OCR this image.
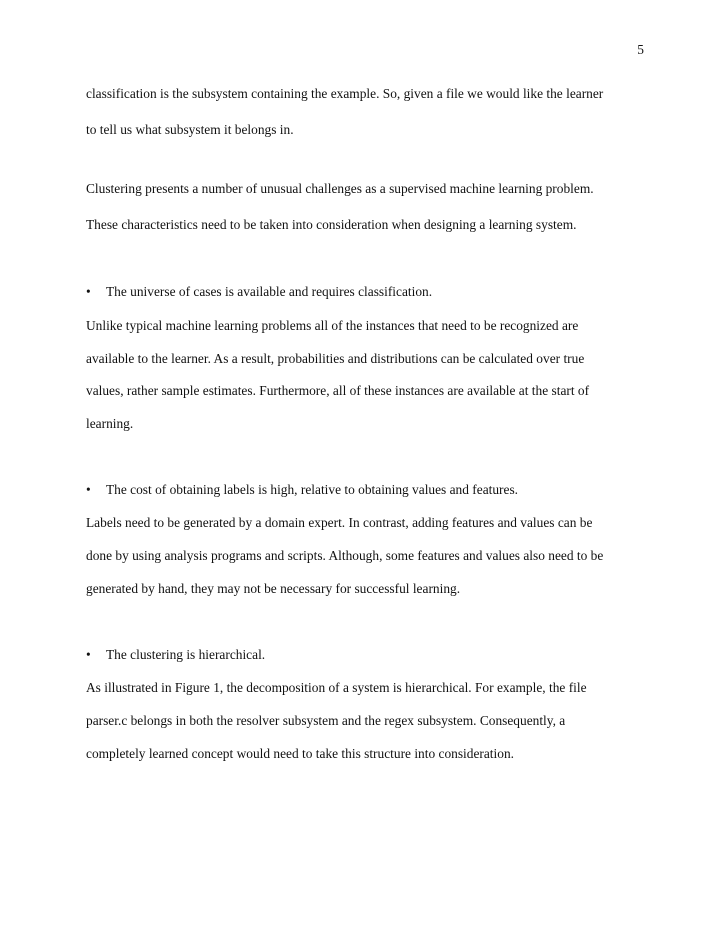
5
classification is the subsystem containing the example. So, given a file we would like the learner
to tell us what subsystem it belongs in.
Clustering presents a number of unusual challenges as a supervised machine learning problem.
These characteristics need to be taken into consideration when designing a learning system.
• The universe of cases is available and requires classification.
Unlike typical machine learning problems all of the instances that need to be recognized are
available to the learner. As a result, probabilities and distributions can be calculated over true
values, rather sample estimates. Furthermore, all of these instances are available at the start of
learning.
• The cost of obtaining labels is high, relative to obtaining values and features.
Labels need to be generated by a domain expert. In contrast, adding features and values can be
done by using analysis programs and scripts. Although, some features and values also need to be
generated by hand, they may not be necessary for successful learning.
• The clustering is hierarchical.
As illustrated in Figure 1, the decomposition of a system is hierarchical. For example, the file
parser.c belongs in both the resolver subsystem and the regex subsystem. Consequently, a
completely learned concept would need to take this structure into consideration.
